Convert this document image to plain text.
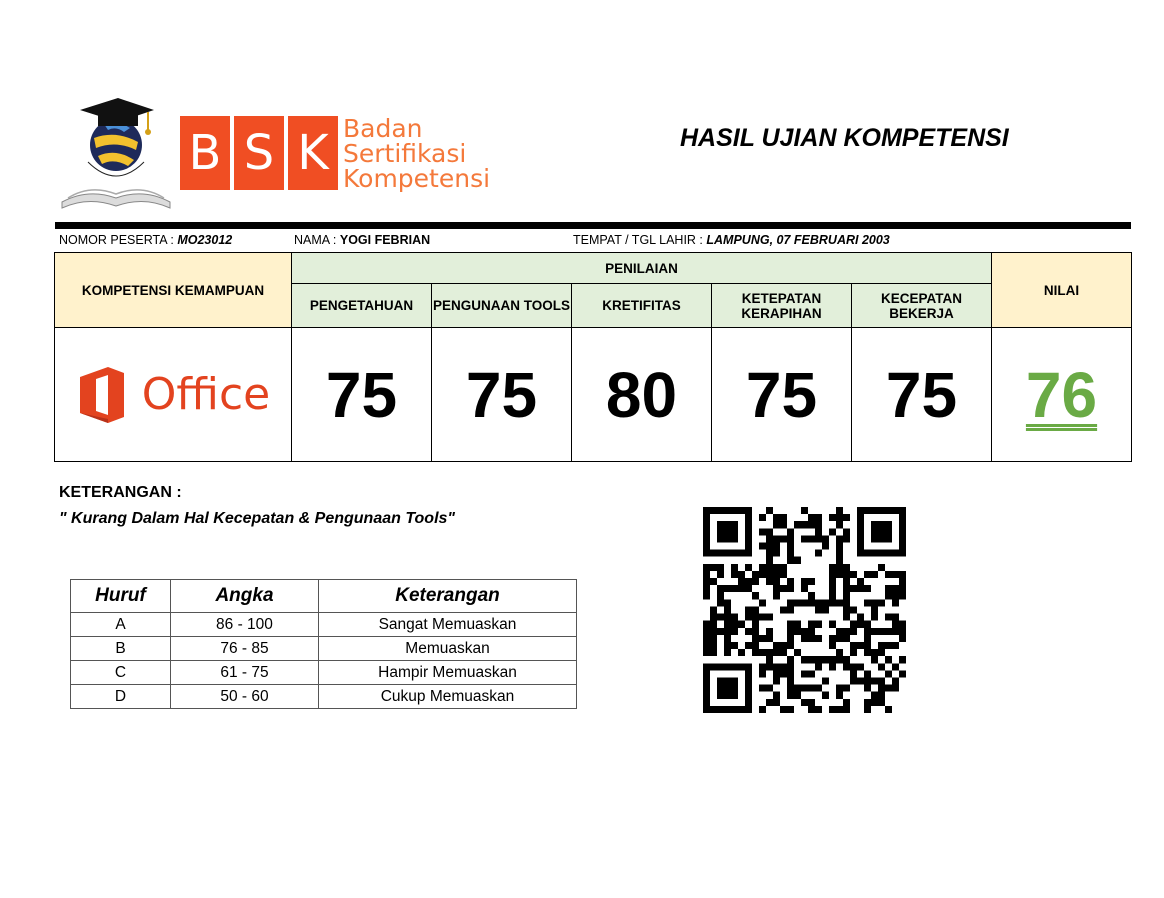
B S K Badan
Sertifikasi
Kompetensi
HASIL UJIAN KOMPETENSI
NOMOR PESERTA : MO23012	NAMA : YOGI FEBRIAN	TEMPAT / TGL LAHIR : LAMPUNG, 07 FEBRUARI 2003
KOMPETENSI KEMAMPUAN	PENILAIAN					NILAI
	PENGETAHUAN	PENGUNAAN TOOLS	KRETIFITAS	KETEPATAN KERAPIHAN	KECEPATAN BEKERJA	

Office	75	75	80	75	75	76
KETERANGAN :
" Kurang Dalam Hal Kecepatan & Pengunaan Tools"
Huruf	Angka	Keterangan
A	86 - 100	Sangat Memuaskan
B	76 - 85	Memuaskan
C	61 - 75	Hampir Memuaskan
D	50 - 60	Cukup Memuaskan
